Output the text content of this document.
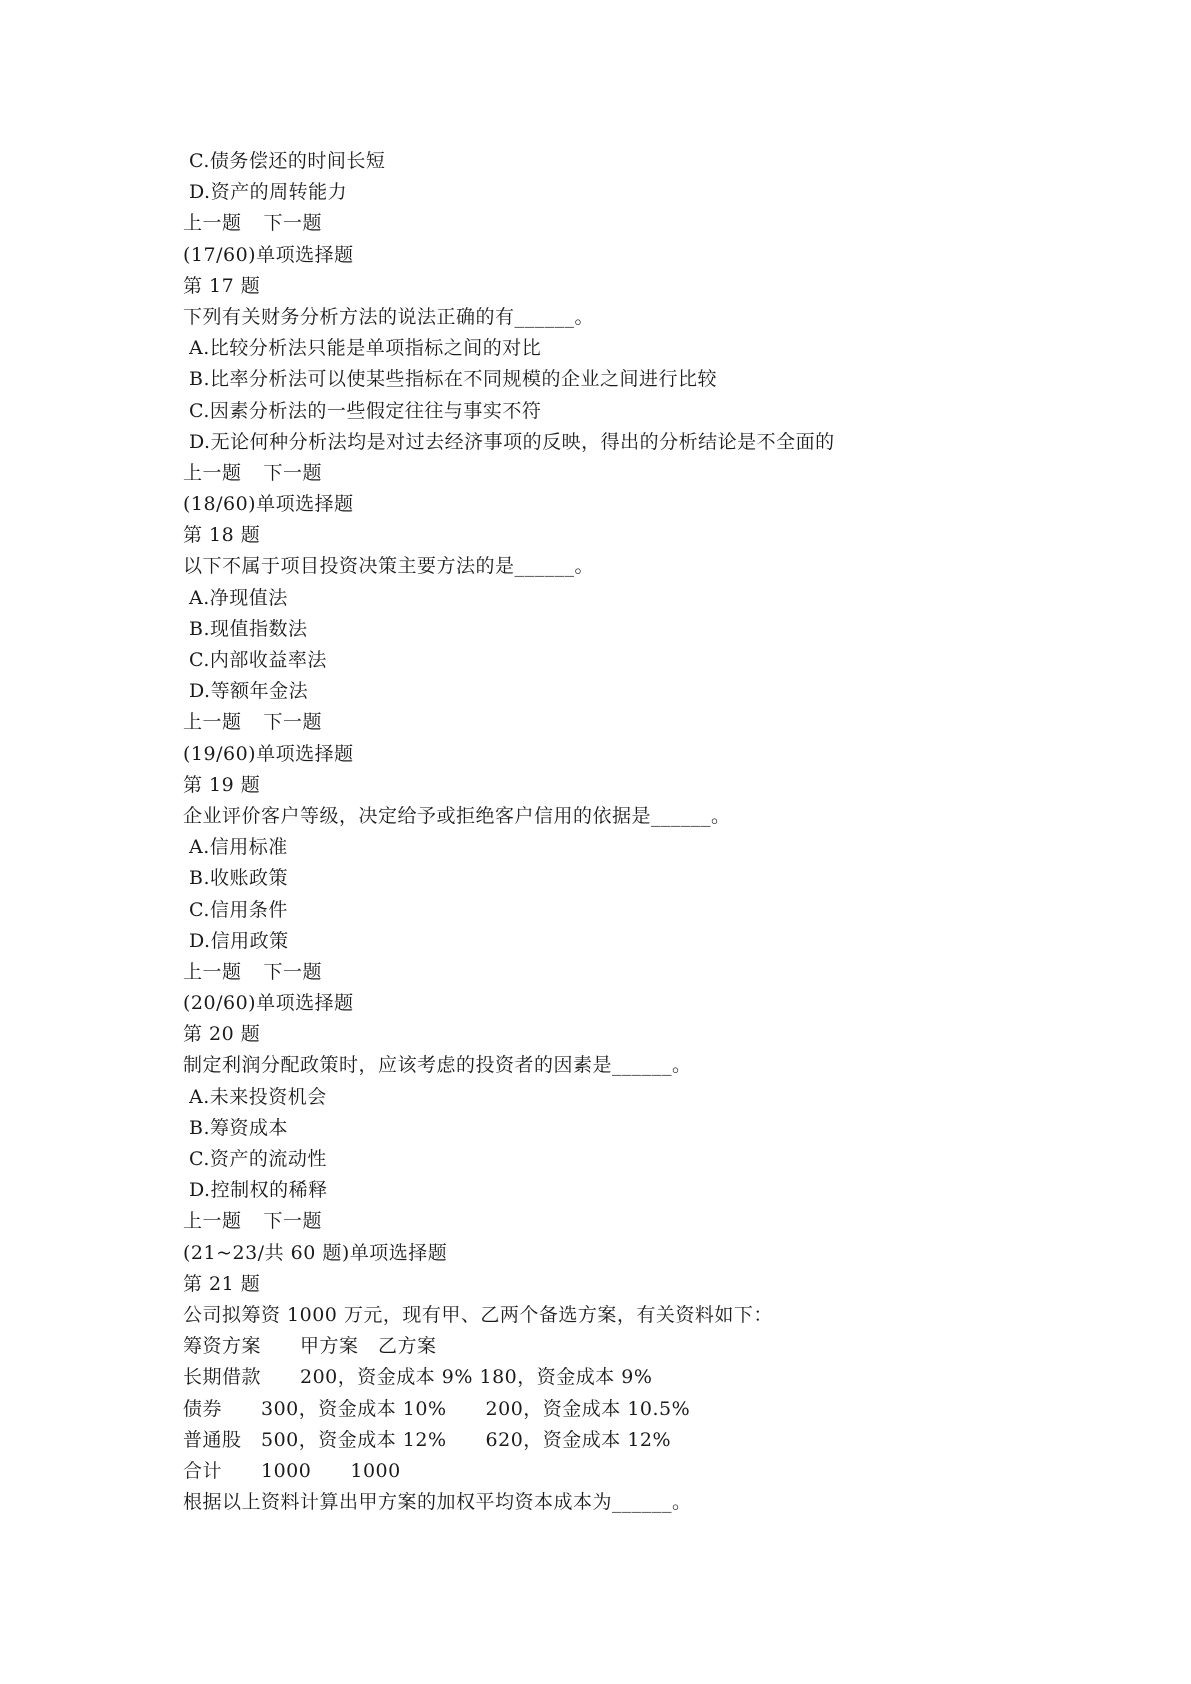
C.债务偿还的时间长短
D.资产的周转能力
上一题 下一题
(17/60)单项选择题
第 17 题
下列有关财务分析方法的说法正确的有______。
A.比较分析法只能是单项指标之间的对比
B.比率分析法可以使某些指标在不同规模的企业之间进行比较
C.因素分析法的一些假定往往与事实不符
D.无论何种分析法均是对过去经济事项的反映，得出的分析结论是不全面的
上一题 下一题
(18/60)单项选择题
第 18 题
以下不属于项目投资决策主要方法的是______。
A.净现值法
B.现值指数法
C.内部收益率法
D.等额年金法
上一题 下一题
(19/60)单项选择题
第 19 题
企业评价客户等级，决定给予或拒绝客户信用的依据是______。
A.信用标准
B.收账政策
C.信用条件
D.信用政策
上一题 下一题
(20/60)单项选择题
第 20 题
制定利润分配政策时，应该考虑的投资者的因素是______。
A.未来投资机会
B.筹资成本
C.资产的流动性
D.控制权的稀释
上一题 下一题
(21~23/共 60 题)单项选择题
第 21 题
公司拟筹资 1000 万元，现有甲、乙两个备选方案，有关资料如下：
筹资方案　　甲方案　乙方案
长期借款　　200，资金成本 9% 180，资金成本 9%
债券　　300，资金成本 10%　　200，资金成本 10.5%
普通股　500，资金成本 12%　　620，资金成本 12%
合计　　1000　　1000
根据以上资料计算出甲方案的加权平均资本成本为______。
